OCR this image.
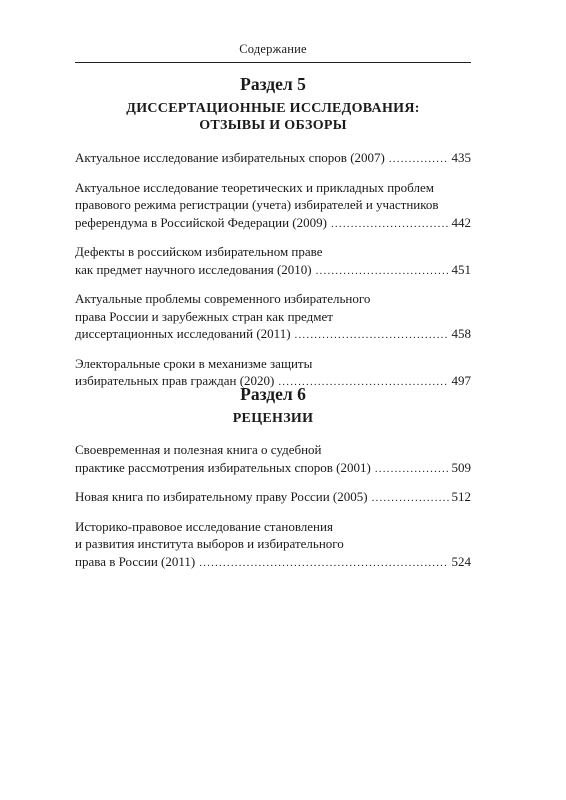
Содержание
Раздел 5
ДИССЕРТАЦИОННЫЕ ИССЛЕДОВАНИЯ:
ОТЗЫВЫ И ОБЗОРЫ
Актуальное исследование избирательных споров (2007) .....	435
Актуальное исследование теоретических и прикладных проблем
правового режима регистрации (учета) избирателей и участников
референдума в Российской Федерации (2009) .....	442
Дефекты в российском избирательном праве
как предмет научного исследования (2010) .....	451
Актуальные проблемы современного избирательного
права России и зарубежных стран как предмет
диссертационных исследований (2011) .....	458
Электоральные сроки в механизме защиты
избирательных прав граждан (2020) .....	497
Раздел 6
РЕЦЕНЗИИ
Своевременная и полезная книга о судебной
практике рассмотрения избирательных споров (2001) .....	509
Новая книга по избирательному праву России (2005) .....	512
Историко-правовое исследование становления
и развития института выборов и избирательного
права в России (2011) .....	524
